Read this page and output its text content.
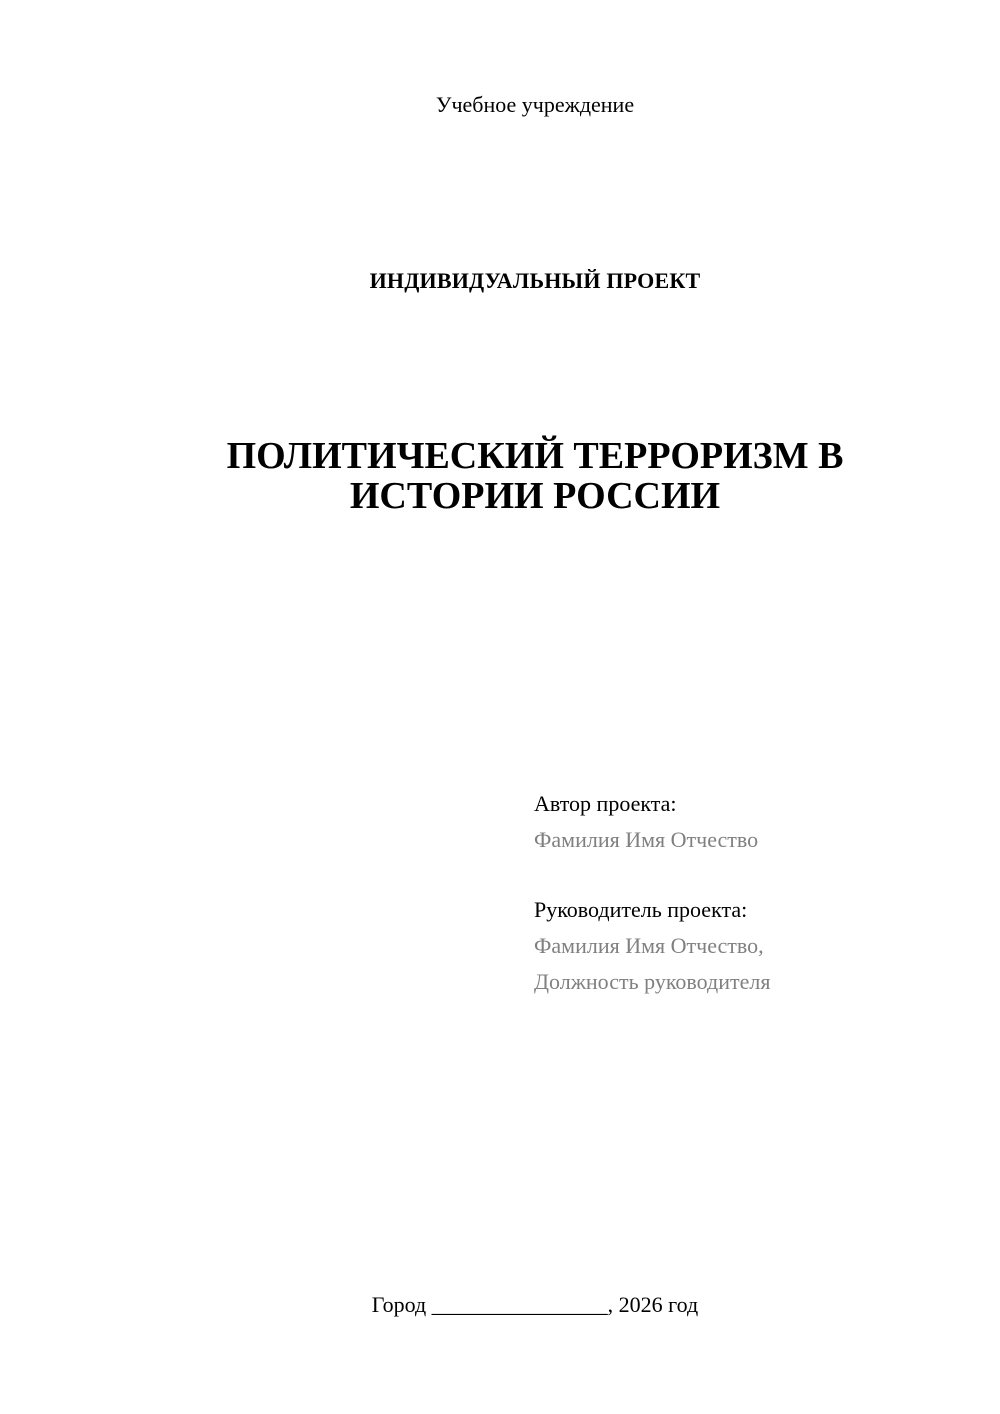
Учебное учреждение
ИНДИВИДУАЛЬНЫЙ ПРОЕКТ
ПОЛИТИЧЕСКИЙ ТЕРРОРИЗМ В
ИСТОРИИ РОССИИ
Автор проекта:
Фамилия Имя Отчество
Руководитель проекта:
Фамилия Имя Отчество,
Должность руководителя
Город ________________, 2026 год
